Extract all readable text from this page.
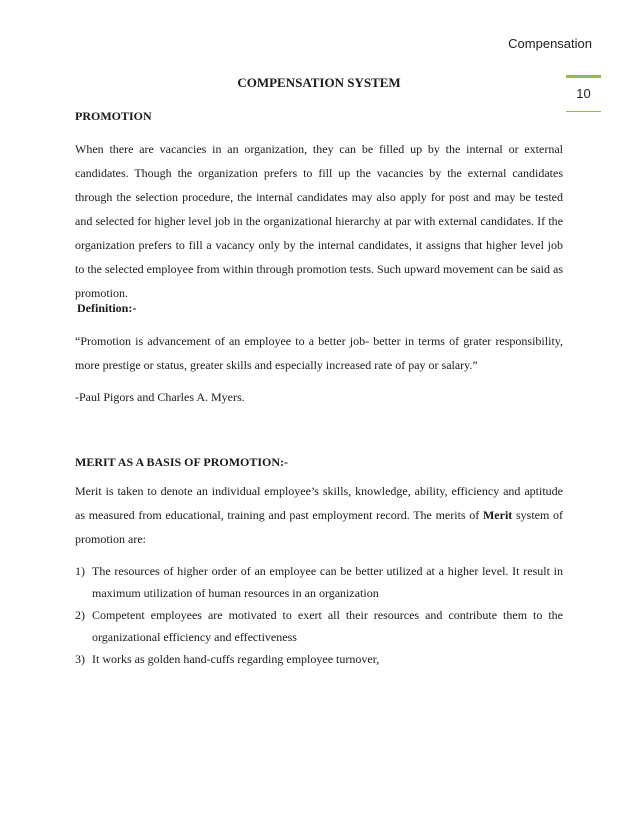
Compensation
10
COMPENSATION SYSTEM
PROMOTION
When there are vacancies in an organization, they can be filled up by the internal or external candidates. Though the organization prefers to fill up the vacancies by the external candidates through the selection procedure, the internal candidates may also apply for post and may be tested and selected for higher level job in the organizational hierarchy at par with external candidates. If the organization prefers to fill a vacancy only by the internal candidates, it assigns that higher level job to the selected employee from within through promotion tests. Such upward movement can be said as promotion.
Definition:-
“Promotion is advancement of an employee to a better job- better in terms of grater responsibility, more prestige or status, greater skills and especially increased rate of pay or salary.”
-Paul Pigors and Charles A. Myers.
MERIT AS A BASIS OF PROMOTION:-
Merit is taken to denote an individual employee’s skills, knowledge, ability, efficiency and aptitude as measured from educational, training and past employment record. The merits of Merit system of promotion are:
1) The resources of higher order of an employee can be better utilized at a higher level. It result in maximum utilization of human resources in an organization
2) Competent employees are motivated to exert all their resources and contribute them to the organizational efficiency and effectiveness
3) It works as golden hand-cuffs regarding employee turnover,
